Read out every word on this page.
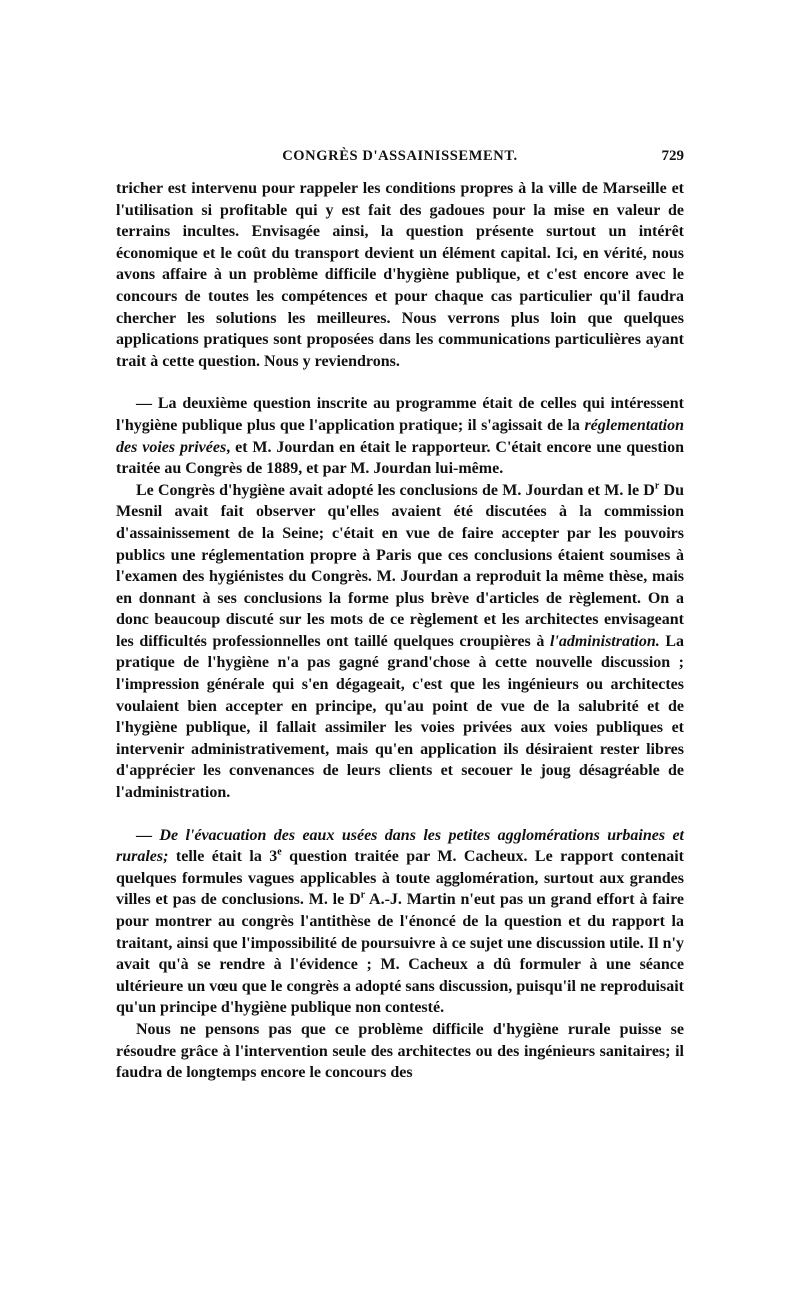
CONGRÈS D'ASSAINISSEMENT.	729

tricher est intervenu pour rappeler les conditions propres à la ville de Marseille et l'utilisation si profitable qui y est fait des gadoues pour la mise en valeur de terrains incultes. Envisagée ainsi, la question présente surtout un intérêt économique et le coût du transport devient un élément capital. Ici, en vérité, nous avons affaire à un problème difficile d'hygiène publique, et c'est encore avec le concours de toutes les compétences et pour chaque cas particulier qu'il faudra chercher les solutions les meilleures. Nous verrons plus loin que quelques applications pratiques sont proposées dans les communications particulières ayant trait à cette question. Nous y reviendrons.

— La deuxième question inscrite au programme était de celles qui intéressent l'hygiène publique plus que l'application pratique; il s'agissait de la réglementation des voies privées, et M. Jourdan en était le rapporteur. C'était encore une question traitée au Congrès de 1889, et par M. Jourdan lui-même.

Le Congrès d'hygiène avait adopté les conclusions de M. Jourdan et M. le $D^r$ Du Mesnil avait fait observer qu'elles avaient été discutées à la commission d'assainissement de la Seine; c'était en vue de faire accepter par les pouvoirs publics une réglementation propre à Paris que ces conclusions étaient soumises à l'examen des hygiénistes du Congrès. M. Jourdan a reproduit la même thèse, mais en donnant à ses conclusions la forme plus brève d'articles de règlement. On a donc beaucoup discuté sur les mots de ce règlement et les architectes envisageant les difficultés professionnelles ont taillé quelques croupières à l'administration. La pratique de l'hygiène n'a pas gagné grand'chose à cette nouvelle discussion ; l'impression générale qui s'en dégageait, c'est que les ingénieurs ou architectes voulaient bien accepter en principe, qu'au point de vue de la salubrité et de l'hygiène publique, il fallait assimiler les voies privées aux voies publiques et intervenir administrativement, mais qu'en application ils désiraient rester libres d'apprécier les convenances de leurs clients et secouer le joug désagréable de l'administration.

— De l'évacuation des eaux usées dans les petites agglomérations urbaines et rurales; telle était la 3e question traitée par M. Cacheux. Le rapport contenait quelques formules vagues applicables à toute agglomération, surtout aux grandes villes et pas de conclusions. M. le $D^r$ A.-J. Martin n'eut pas un grand effort à faire pour montrer au congrès l'antithèse de l'énoncé de la question et du rapport la traitant, ainsi que l'impossibilité de poursuivre à ce sujet une discussion utile. Il n'y avait qu'à se rendre à l'évidence ; M. Cacheux a dû formuler à une séance ultérieure un vœu que le congrès a adopté sans discussion, puisqu'il ne reproduisait qu'un principe d'hygiène publique non contesté.

Nous ne pensons pas que ce problème difficile d'hygiène rurale puisse se résoudre grâce à l'intervention seule des architectes ou des ingénieurs sanitaires; il faudra de longtemps encore le concours des
